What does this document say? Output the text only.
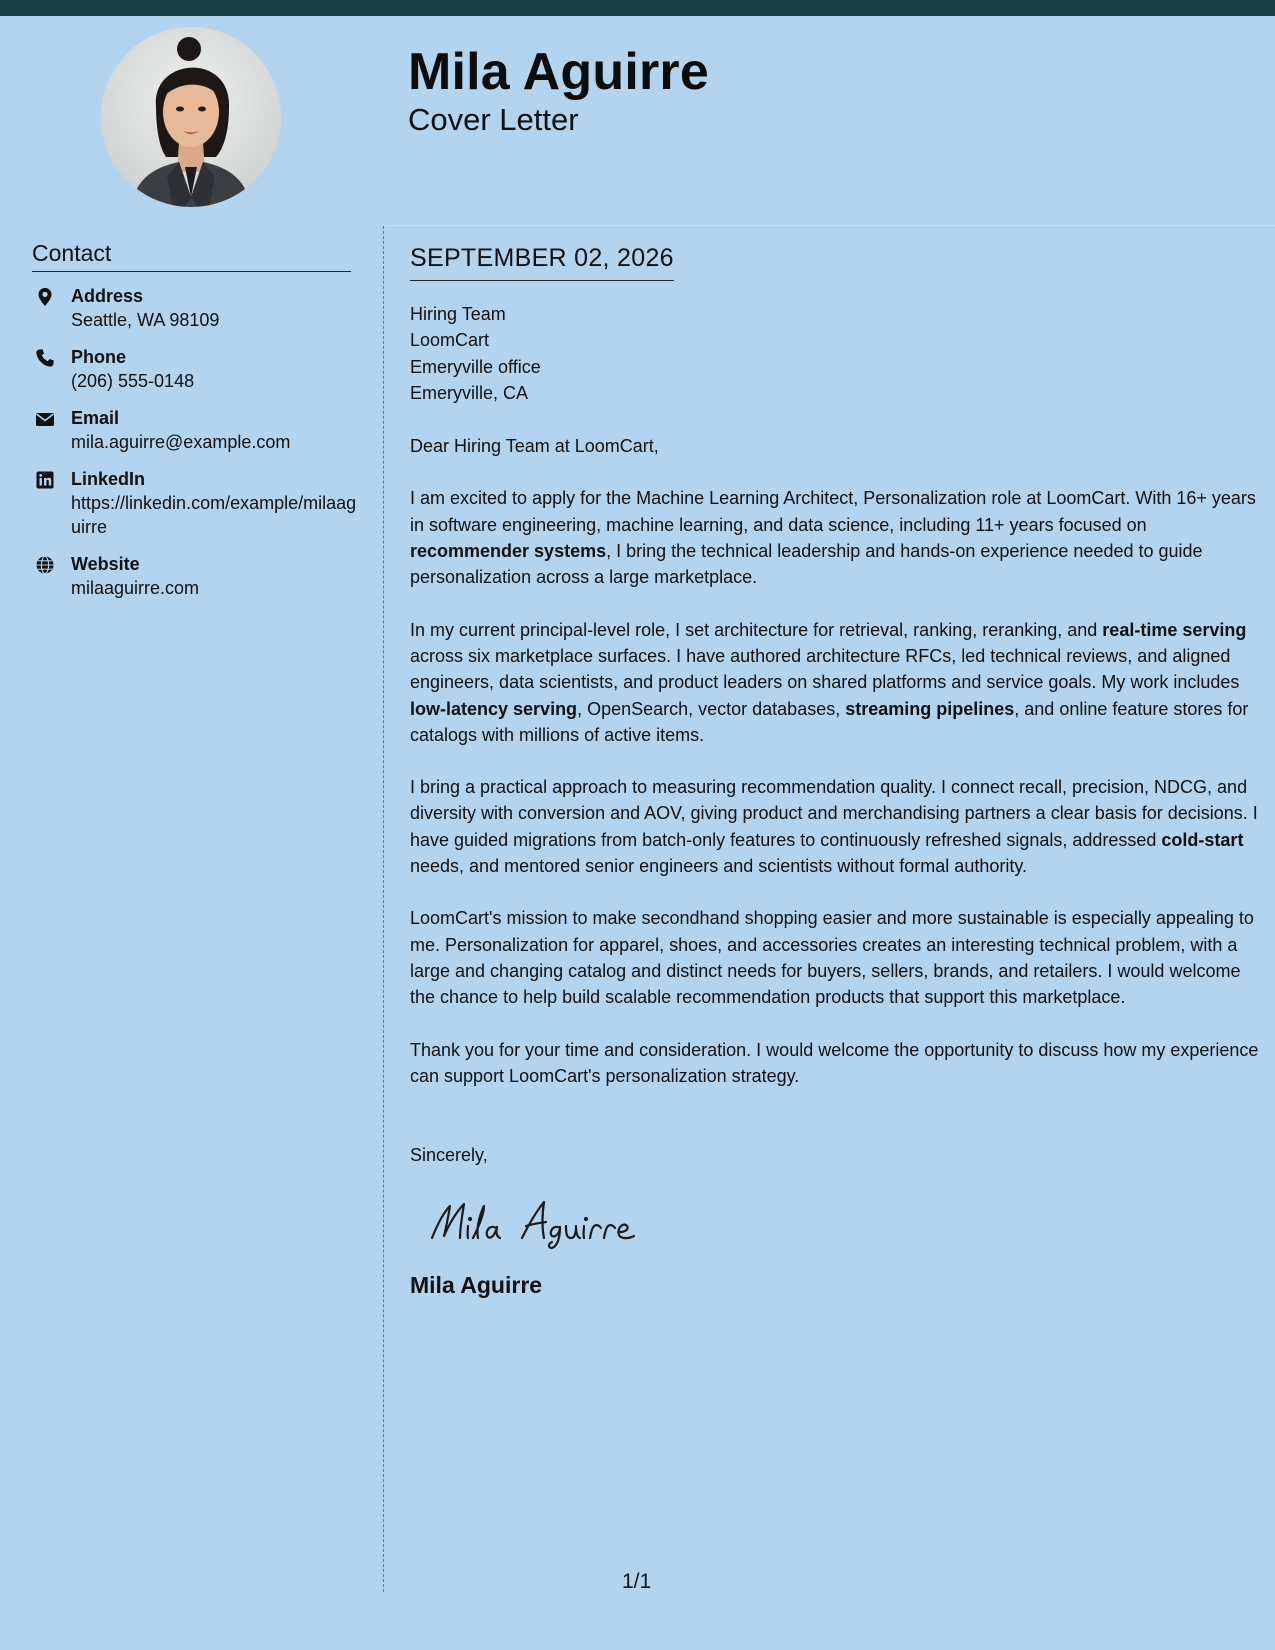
Mila Aguirre
Cover Letter
Contact
Address
Seattle, WA 98109
Phone
(206) 555-0148
Email
mila.aguirre@example.com
LinkedIn
https://linkedin.com/example/milaaguirre
Website
milaaguirre.com
SEPTEMBER 02, 2026
Hiring Team
LoomCart
Emeryville office
Emeryville, CA
Dear Hiring Team at LoomCart,

I am excited to apply for the Machine Learning Architect, Personalization role at LoomCart. With 16+ years in software engineering, machine learning, and data science, including 11+ years focused on recommender systems, I bring the technical leadership and hands-on experience needed to guide personalization across a large marketplace.

In my current principal-level role, I set architecture for retrieval, ranking, reranking, and real-time serving across six marketplace surfaces. I have authored architecture RFCs, led technical reviews, and aligned engineers, data scientists, and product leaders on shared platforms and service goals. My work includes low-latency serving, OpenSearch, vector databases, streaming pipelines, and online feature stores for catalogs with millions of active items.

I bring a practical approach to measuring recommendation quality. I connect recall, precision, NDCG, and diversity with conversion and AOV, giving product and merchandising partners a clear basis for decisions. I have guided migrations from batch-only features to continuously refreshed signals, addressed cold-start needs, and mentored senior engineers and scientists without formal authority.

LoomCart's mission to make secondhand shopping easier and more sustainable is especially appealing to me. Personalization for apparel, shoes, and accessories creates an interesting technical problem, with a large and changing catalog and distinct needs for buyers, sellers, brands, and retailers. I would welcome the chance to help build scalable recommendation products that support this marketplace.

Thank you for your time and consideration. I would welcome the opportunity to discuss how my experience can support LoomCart's personalization strategy.

Sincerely,
Mila Aguirre
1/1
